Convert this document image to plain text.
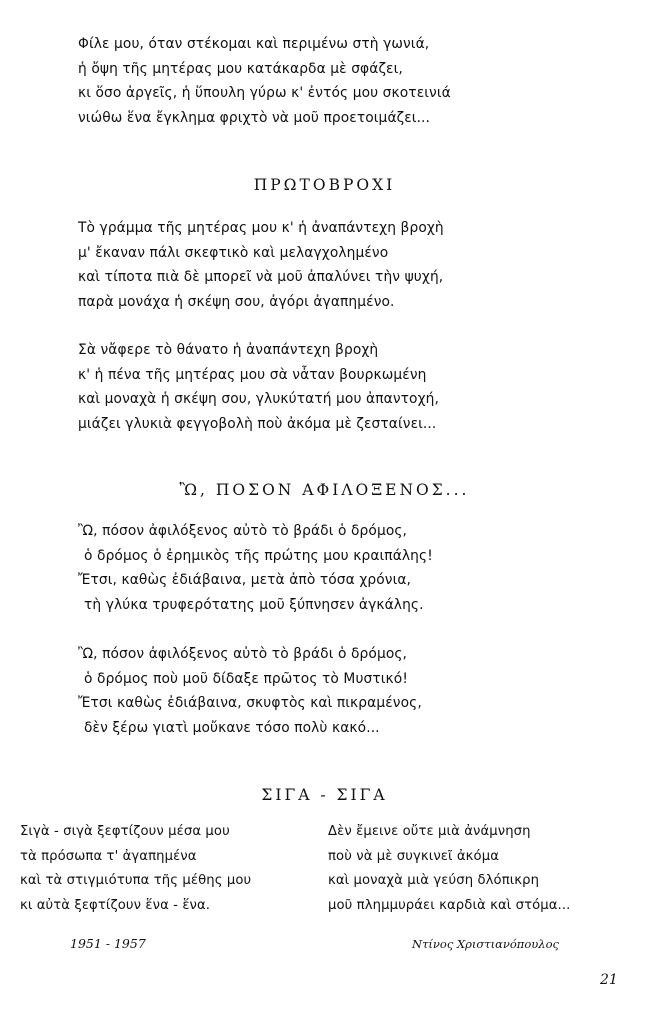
Φίλε μου, όταν στέκομαι καὶ περιμένω στὴ γωνιά,
ἡ ὄψη τῆς μητέρας μου κατάκαρδα μὲ σφάζει,
κι ὅσο ἀργεῖς, ἡ ὕπουλη γύρω κ' ἐντός μου σκοτεινιά
νιώθω ἕνα ἔγκλημα φριχτὸ νὰ μοῦ προετοιμάζει...
ΠΡΩΤΟΒΡΟΧΙ
Τὸ γράμμα τῆς μητέρας μου κ' ἡ ἀναπάντεχη βροχὴ
μ' ἔκαναν πάλι σκεφτικὸ καὶ μελαγχολημένο
καὶ τίποτα πιὰ δὲ μπορεῖ νὰ μοῦ ἀπαλύνει τὴν ψυχή,
παρὰ μονάχα ἡ σκέψη σου, ἀγόρι ἀγαπημένο.
Σὰ νἄφερε τὸ θάνατο ἡ ἀναπάντεχη βροχὴ
κ' ἡ πένα τῆς μητέρας μου σὰ νἆταν βουρκωμένη
καὶ μοναχὰ ἡ σκέψη σου, γλυκύτατή μου ἀπαντοχή,
μιάζει γλυκιὰ φεγγοβολὴ ποὺ ἀκόμα μὲ ζεσταίνει...
Ὢ, ΠΟΣΟΝ ΑΦΙΛΟΞΕΝΟΣ...
Ὢ, πόσον ἀφιλόξενος αὐτὸ τὸ βράδι ὁ δρόμος,
ὁ δρόμος ὁ ἐρημικὸς τῆς πρώτης μου κραιπάλης!
Ἔτσι, καθὼς ἐδιάβαινα, μετὰ ἀπὸ τόσα χρόνια,
τὴ γλύκα τρυφερότατης μοῦ ξύπνησεν ἀγκάλης.
Ὢ, πόσον ἀφιλόξενος αὐτὸ τὸ βράδι ὁ δρόμος,
ὁ δρόμος ποὺ μοῦ δίδαξε πρῶτος τὸ Μυστικό!
Ἔτσι καθὼς ἐδιάβαινα, σκυφτὸς καὶ πικραμένος,
δὲν ξέρω γιατὶ μοὔκανε τόσο πολὺ κακό...
ΣΙΓΑ - ΣΙΓΑ
Σιγὰ - σιγὰ ξεφτίζουν μέσα μου
τὰ πρόσωπα τ' ἀγαπημένα
καὶ τὰ στιγμιότυπα τῆς μέθης μου
κι αὐτὰ ξεφτίζουν ἕνα - ἕνα.
Δὲν ἔμεινε οὔτε μιὰ ἀνάμνηση
ποὺ νὰ μὲ συγκινεῖ ἀκόμα
καὶ μοναχὰ μιὰ γεύση δλόπικρη
μοῦ πλημμυράει καρδιὰ καὶ στόμα...
1951 - 1957	Ντίνος Χριστιανόπουλος
21
